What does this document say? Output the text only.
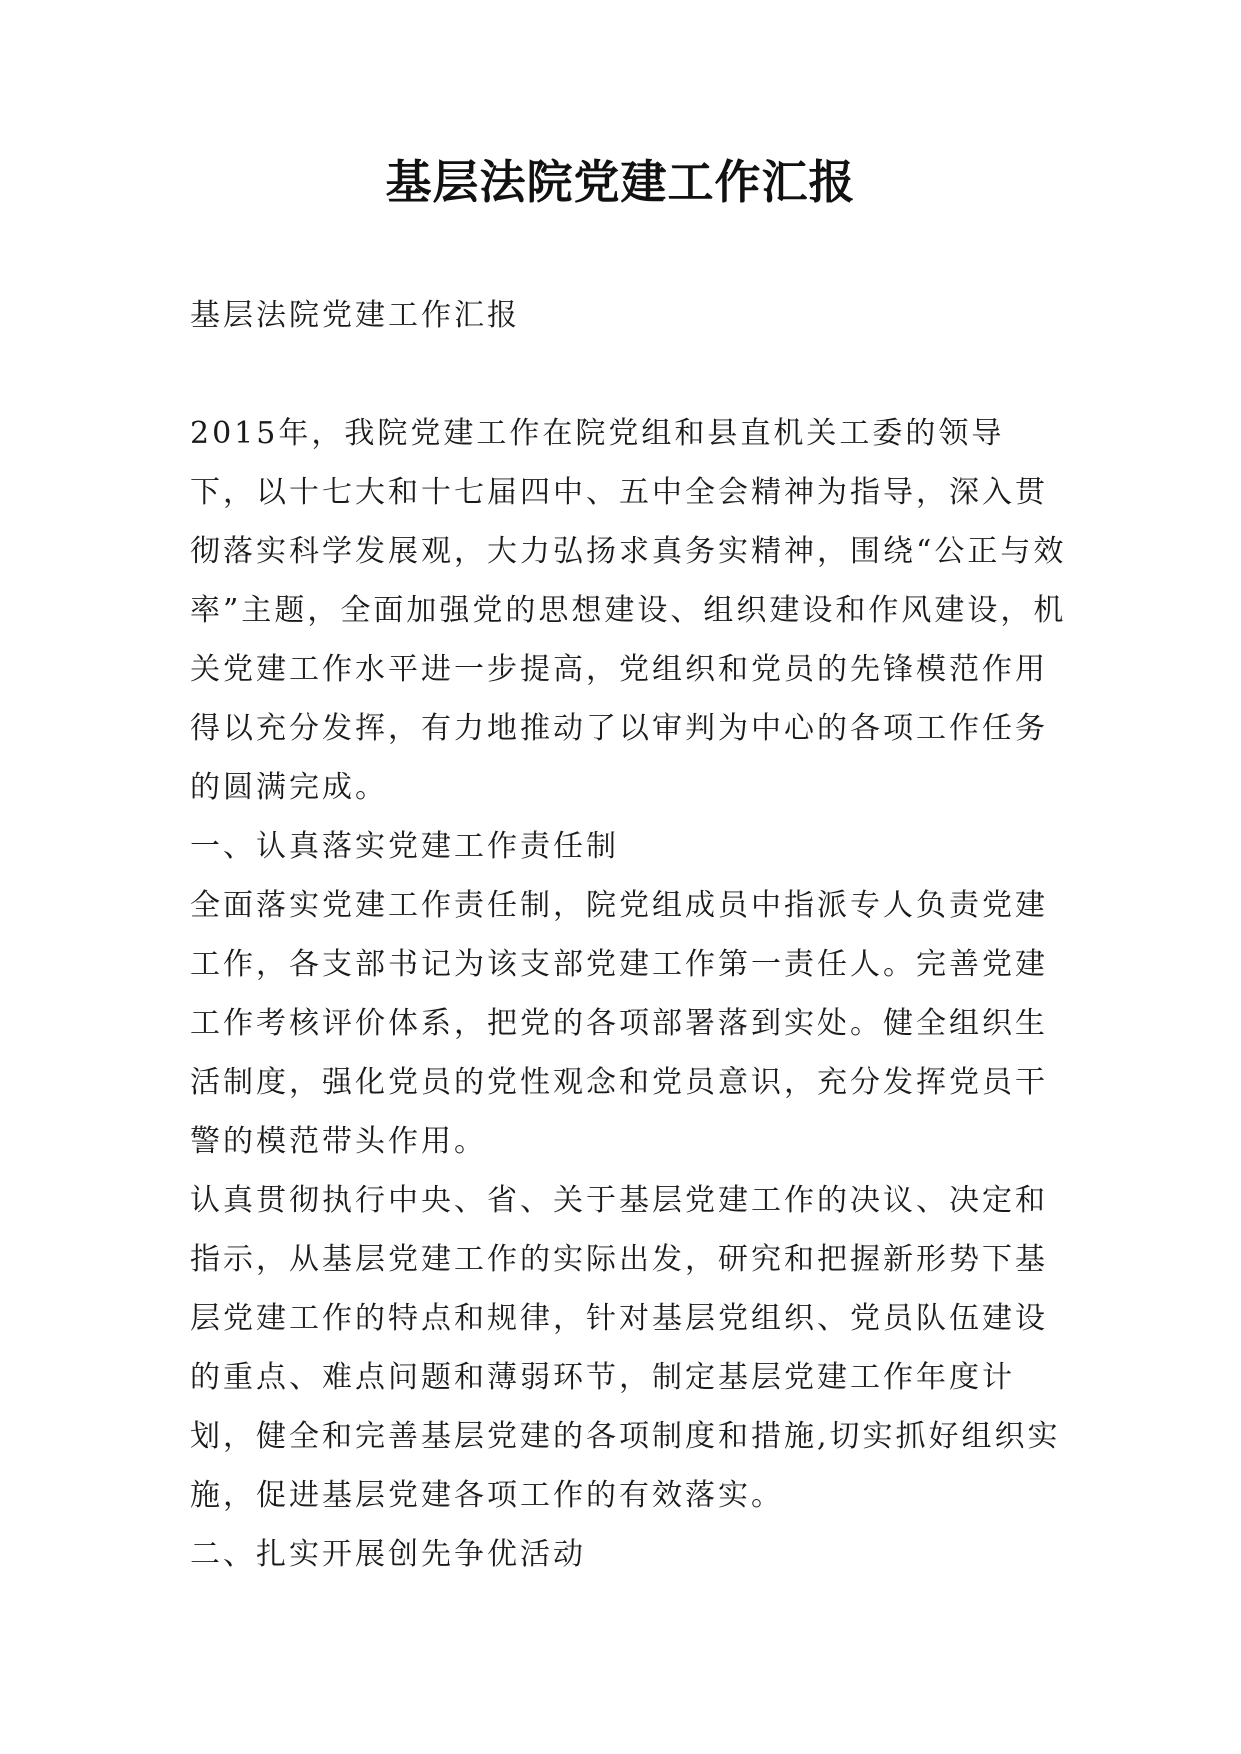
基层法院党建工作汇报

基层法院党建工作汇报

2015年，我院党建工作在院党组和县直机关工委的领导下，以十七大和十七届四中、五中全会精神为指导，深入贯彻落实科学发展观，大力弘扬求真务实精神，围绕“公正与效率”主题，全面加强党的思想建设、组织建设和作风建设，机关党建工作水平进一步提高，党组织和党员的先锋模范作用得以充分发挥，有力地推动了以审判为中心的各项工作任务的圆满完成。

一、认真落实党建工作责任制

全面落实党建工作责任制，院党组成员中指派专人负责党建工作，各支部书记为该支部党建工作第一责任人。完善党建工作考核评价体系，把党的各项部署落到实处。健全组织生活制度，强化党员的党性观念和党员意识，充分发挥党员干警的模范带头作用。

认真贯彻执行中央、省、关于基层党建工作的决议、决定和指示，从基层党建工作的实际出发，研究和把握新形势下基层党建工作的特点和规律，针对基层党组织、党员队伍建设的重点、难点问题和薄弱环节，制定基层党建工作年度计划，健全和完善基层党建的各项制度和措施,切实抓好组织实施，促进基层党建各项工作的有效落实。

二、扎实开展创先争优活动
